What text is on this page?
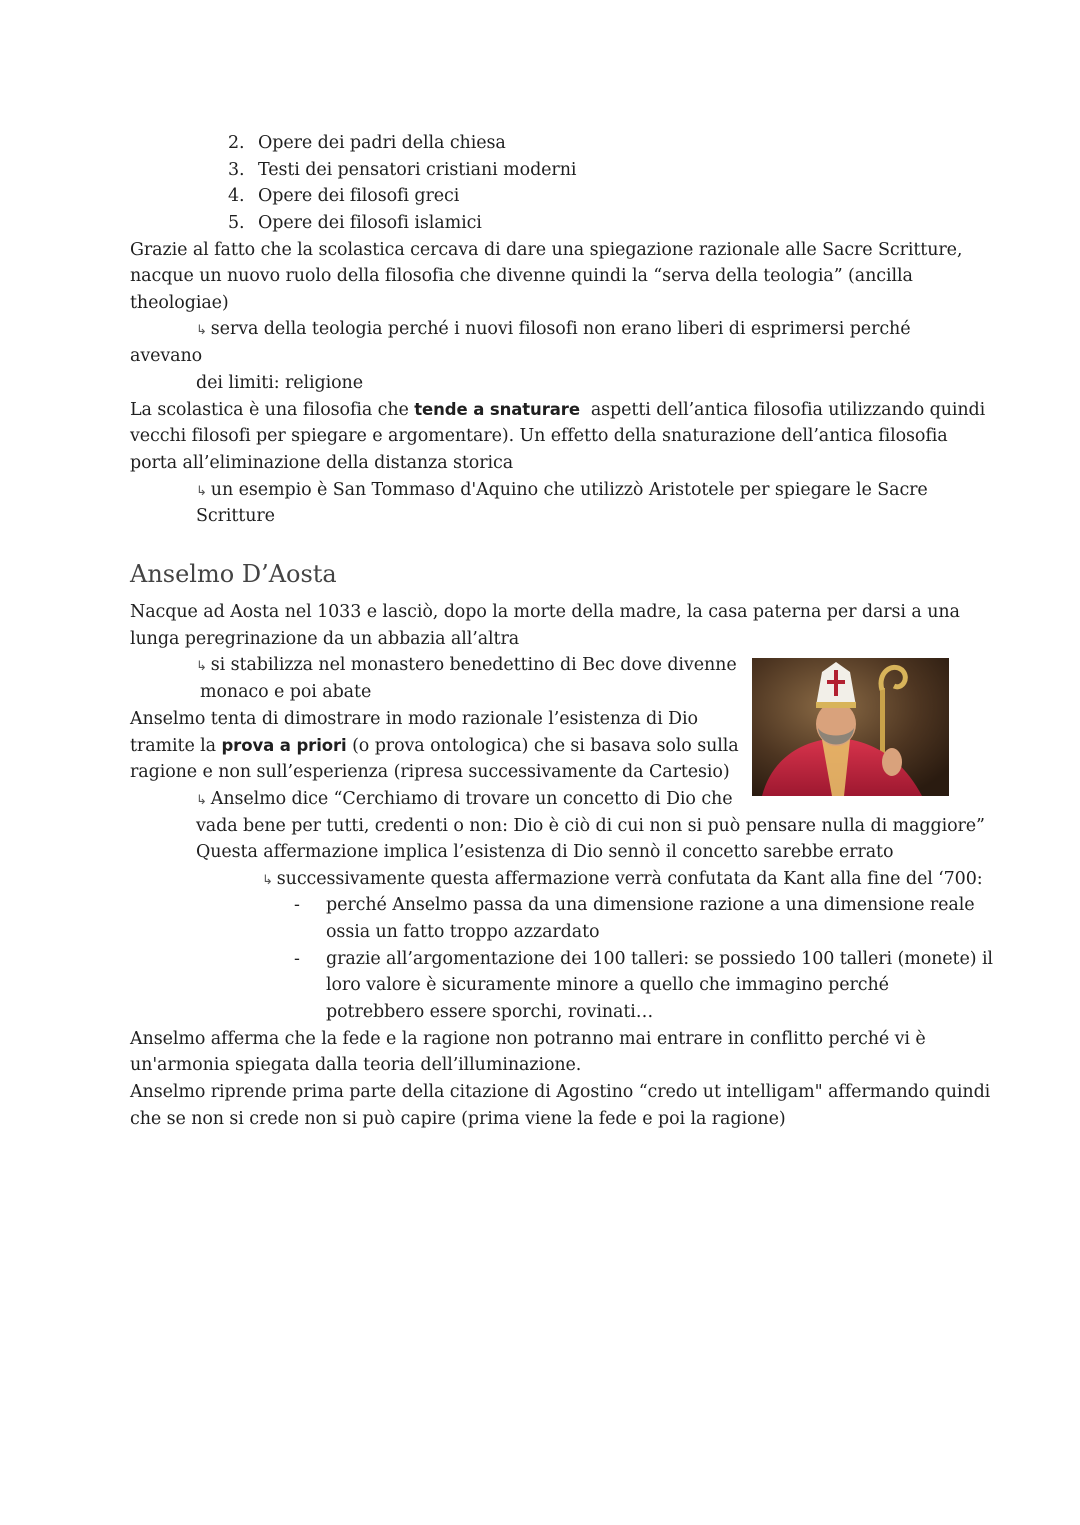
2. Opere dei padri della chiesa
3. Testi dei pensatori cristiani moderni
4. Opere dei filosofi greci
5. Opere dei filosofi islamici
Grazie al fatto che la scolastica cercava di dare una spiegazione razionale alle Sacre Scritture,
nacque un nuovo ruolo della filosofia che divenne quindi la “serva della teologia” (ancilla
theologiae)
↳ serva della teologia perché i nuovi filosofi non erano liberi di esprimersi perché
avevano
dei limiti: religione
La scolastica è una filosofia che tende a snaturare  aspetti dell’antica filosofia utilizzando quindi
vecchi filosofi per spiegare e argomentare). Un effetto della snaturazione dell’antica filosofia
porta all’eliminazione della distanza storica
↳ un esempio è San Tommaso d'Aquino che utilizzò Aristotele per spiegare le Sacre
Scritture
Anselmo D’Aosta
Nacque ad Aosta nel 1033 e lasciò, dopo la morte della madre, la casa paterna per darsi a una
lunga peregrinazione da un abbazia all’altra
↳ si stabilizza nel monastero benedettino di Bec dove divenne
monaco e poi abate
Anselmo tenta di dimostrare in modo razionale l’esistenza di Dio
tramite la prova a priori (o prova ontologica) che si basava solo sulla
ragione e non sull’esperienza (ripresa successivamente da Cartesio)
↳ Anselmo dice “Cerchiamo di trovare un concetto di Dio che
vada bene per tutti, credenti o non: Dio è ciò di cui non si può pensare nulla di maggiore”
Questa affermazione implica l’esistenza di Dio sennò il concetto sarebbe errato
↳ successivamente questa affermazione verrà confutata da Kant alla fine del ‘700:
- perché Anselmo passa da una dimensione razione a una dimensione reale
ossia un fatto troppo azzardato
- grazie all’argomentazione dei 100 talleri: se possiedo 100 talleri (monete) il
loro valore è sicuramente minore a quello che immagino perché
potrebbero essere sporchi, rovinati…
Anselmo afferma che la fede e la ragione non potranno mai entrare in conflitto perché vi è
un'armonia spiegata dalla teoria dell’illuminazione.
Anselmo riprende prima parte della citazione di Agostino “credo ut intelligam" affermando quindi
che se non si crede non si può capire (prima viene la fede e poi la ragione)
